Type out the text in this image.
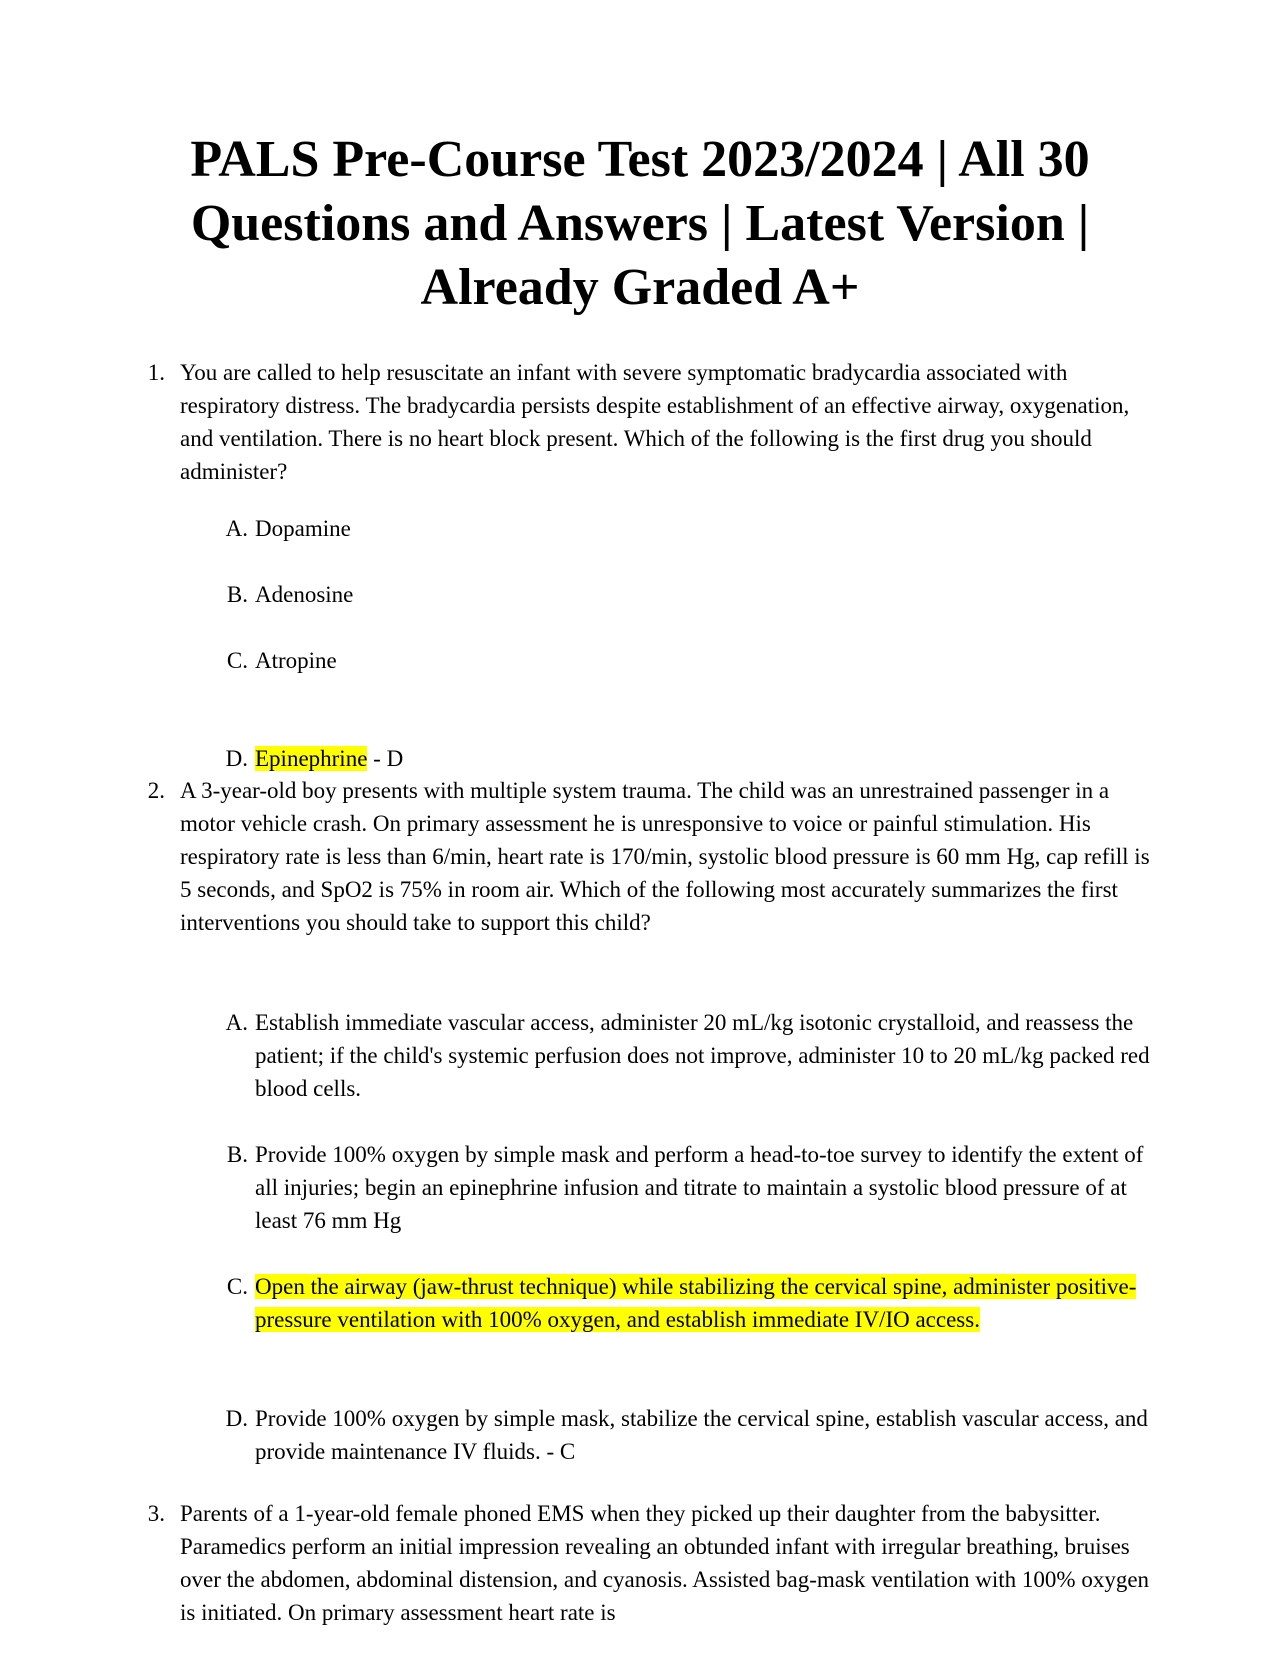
PALS Pre-Course Test 2023/2024 | All 30 Questions and Answers | Latest Version | Already Graded A+
1. You are called to help resuscitate an infant with severe symptomatic bradycardia associated with respiratory distress. The bradycardia persists despite establishment of an effective airway, oxygenation, and ventilation. There is no heart block present. Which of the following is the first drug you should administer?
A. Dopamine
B. Adenosine
C. Atropine
D. Epinephrine - D
2. A 3-year-old boy presents with multiple system trauma. The child was an unrestrained passenger in a motor vehicle crash. On primary assessment he is unresponsive to voice or painful stimulation. His respiratory rate is less than 6/min, heart rate is 170/min, systolic blood pressure is 60 mm Hg, cap refill is 5 seconds, and SpO2 is 75% in room air. Which of the following most accurately summarizes the first interventions you should take to support this child?
A. Establish immediate vascular access, administer 20 mL/kg isotonic crystalloid, and reassess the patient; if the child's systemic perfusion does not improve, administer 10 to 20 mL/kg packed red blood cells.
B. Provide 100% oxygen by simple mask and perform a head-to-toe survey to identify the extent of all injuries; begin an epinephrine infusion and titrate to maintain a systolic blood pressure of at least 76 mm Hg
C. Open the airway (jaw-thrust technique) while stabilizing the cervical spine, administer positive-pressure ventilation with 100% oxygen, and establish immediate IV/IO access.
D. Provide 100% oxygen by simple mask, stabilize the cervical spine, establish vascular access, and provide maintenance IV fluids. - C
3. Parents of a 1-year-old female phoned EMS when they picked up their daughter from the babysitter. Paramedics perform an initial impression revealing an obtunded infant with irregular breathing, bruises over the abdomen, abdominal distension, and cyanosis. Assisted bag-mask ventilation with 100% oxygen is initiated. On primary assessment heart rate is
